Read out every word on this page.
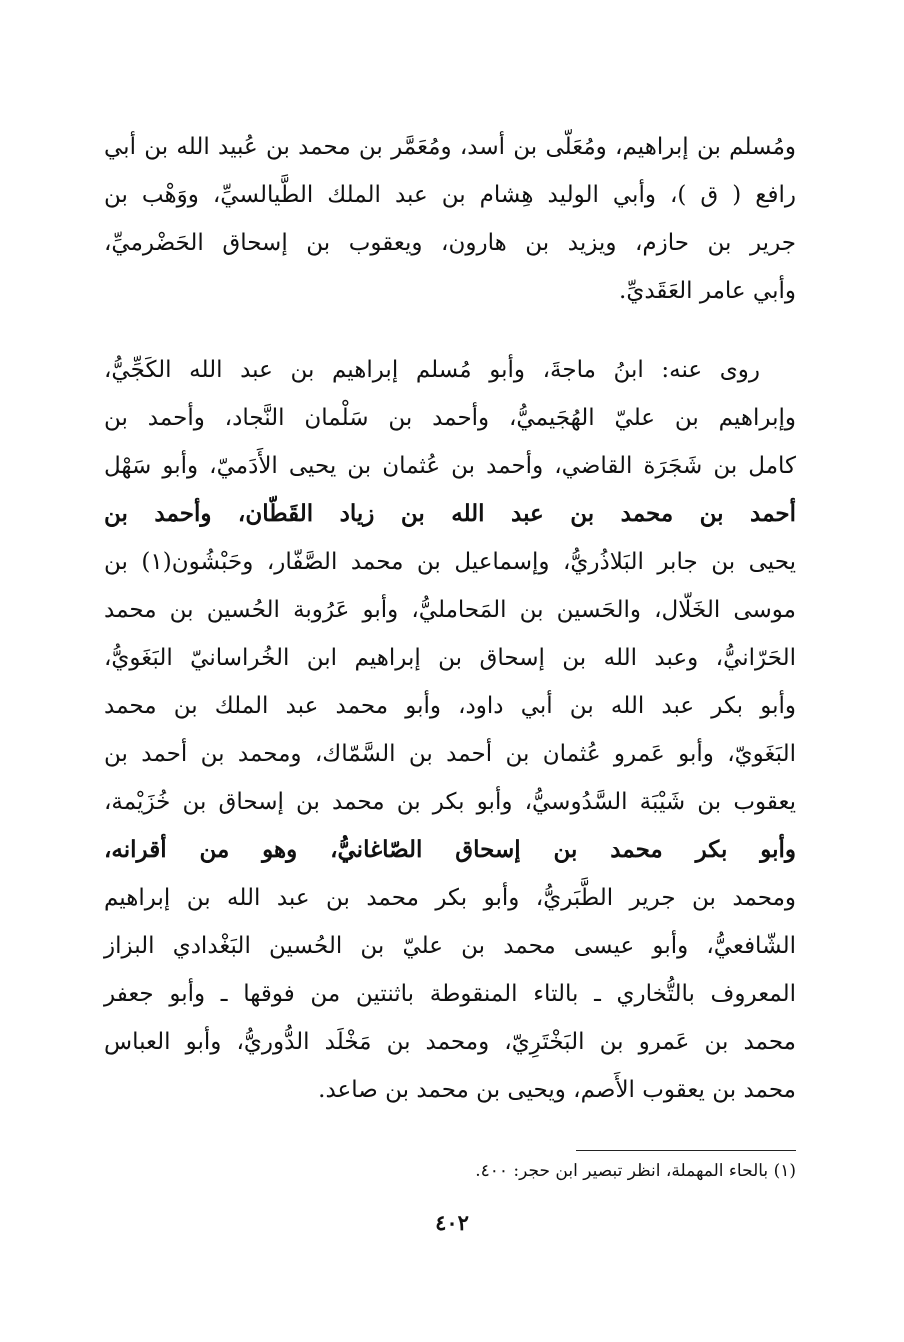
ومُسلم بن إبراهيم، ومُعَلّى بن أسد، ومُعَمَّر بن محمد بن عُبيد الله بن أبي
رافع ( ق )، وأبي الوليد هِشام بن عبد الملك الطَّيالسيِّ، ووَهْب بن
جرير بن حازم، ويزيد بن هارون، ويعقوب بن إسحاق الحَضْرميِّ،
وأبي عامر العَقَديِّ.
روى عنه: ابنُ ماجةَ، وأبو مُسلم إبراهيم بن عبد الله الكَجِّيُّ،
وإبراهيم بن عليّ الهُجَيميُّ، وأحمد بن سَلْمان النَّجاد، وأحمد بن
كامل بن شَجَرَة القاضي، وأحمد بن عُثمان بن يحيى الأَدَميّ، وأبو سَهْل
أحمد بن محمد بن عبد الله بن زياد القَطّان، وأحمد بن
يحيى بن جابر البَلاذُريُّ، وإسماعيل بن محمد الصَّفّار، وحَبْشُون(١) بن
موسى الخَلّال، والحَسين بن المَحامليُّ، وأبو عَرُوبة الحُسين بن محمد
الحَرّانيُّ، وعبد الله بن إسحاق بن إبراهيم ابن الخُراسانيّ البَغَويُّ،
وأبو بكر عبد الله بن أبي داود، وأبو محمد عبد الملك بن محمد
البَغَويّ، وأبو عَمرو عُثمان بن أحمد بن السَّمّاك، ومحمد بن أحمد بن
يعقوب بن شَيْبَة السَّدُوسيُّ، وأبو بكر بن محمد بن إسحاق بن خُزَيْمة،
وأبو بكر محمد بن إسحاق الصّاغانيُّ، وهو من أقرانه،
ومحمد بن جرير الطَّبَريُّ، وأبو بكر محمد بن عبد الله بن إبراهيم
الشّافعيُّ، وأبو عيسى محمد بن عليّ بن الحُسين البَغْدادي البزاز
المعروف بالتُّخاري ـ بالتاء المنقوطة باثنتين من فوقها ـ وأبو جعفر
محمد بن عَمرو بن البَخْتَرِيّ، ومحمد بن مَخْلَد الدُّوريُّ، وأبو العباس
محمد بن يعقوب الأَصم، ويحيى بن محمد بن صاعد.
(١) بالحاء المهملة، انظر تبصير ابن حجر: ٤٠٠.
٤٠٢
